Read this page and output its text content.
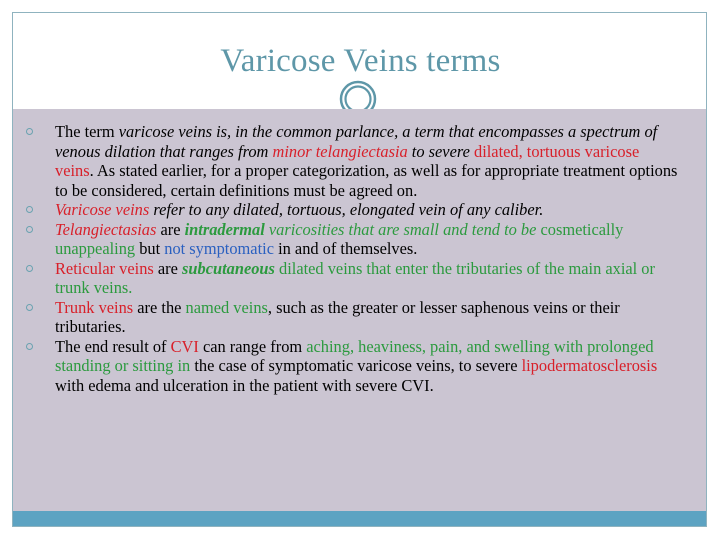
Varicose Veins terms
The term varicose veins is, in the common parlance, a term that encompasses a spectrum of venous dilation that ranges from minor telangiectasia to severe dilated, tortuous varicose veins. As stated earlier, for a proper categorization, as well as for appropriate treatment options to be considered, certain definitions must be agreed on.
Varicose veins refer to any dilated, tortuous, elongated vein of any caliber.
Telangiectasias are intradermal varicosities that are small and tend to be cosmetically unappealing but not symptomatic in and of themselves.
Reticular veins are subcutaneous dilated veins that enter the tributaries of the main axial or trunk veins.
Trunk veins are the named veins, such as the greater or lesser saphenous veins or their tributaries.
The end result of CVI can range from aching, heaviness, pain, and swelling with prolonged standing or sitting in the case of symptomatic varicose veins, to severe lipodermatosclerosis with edema and ulceration in the patient with severe CVI.
